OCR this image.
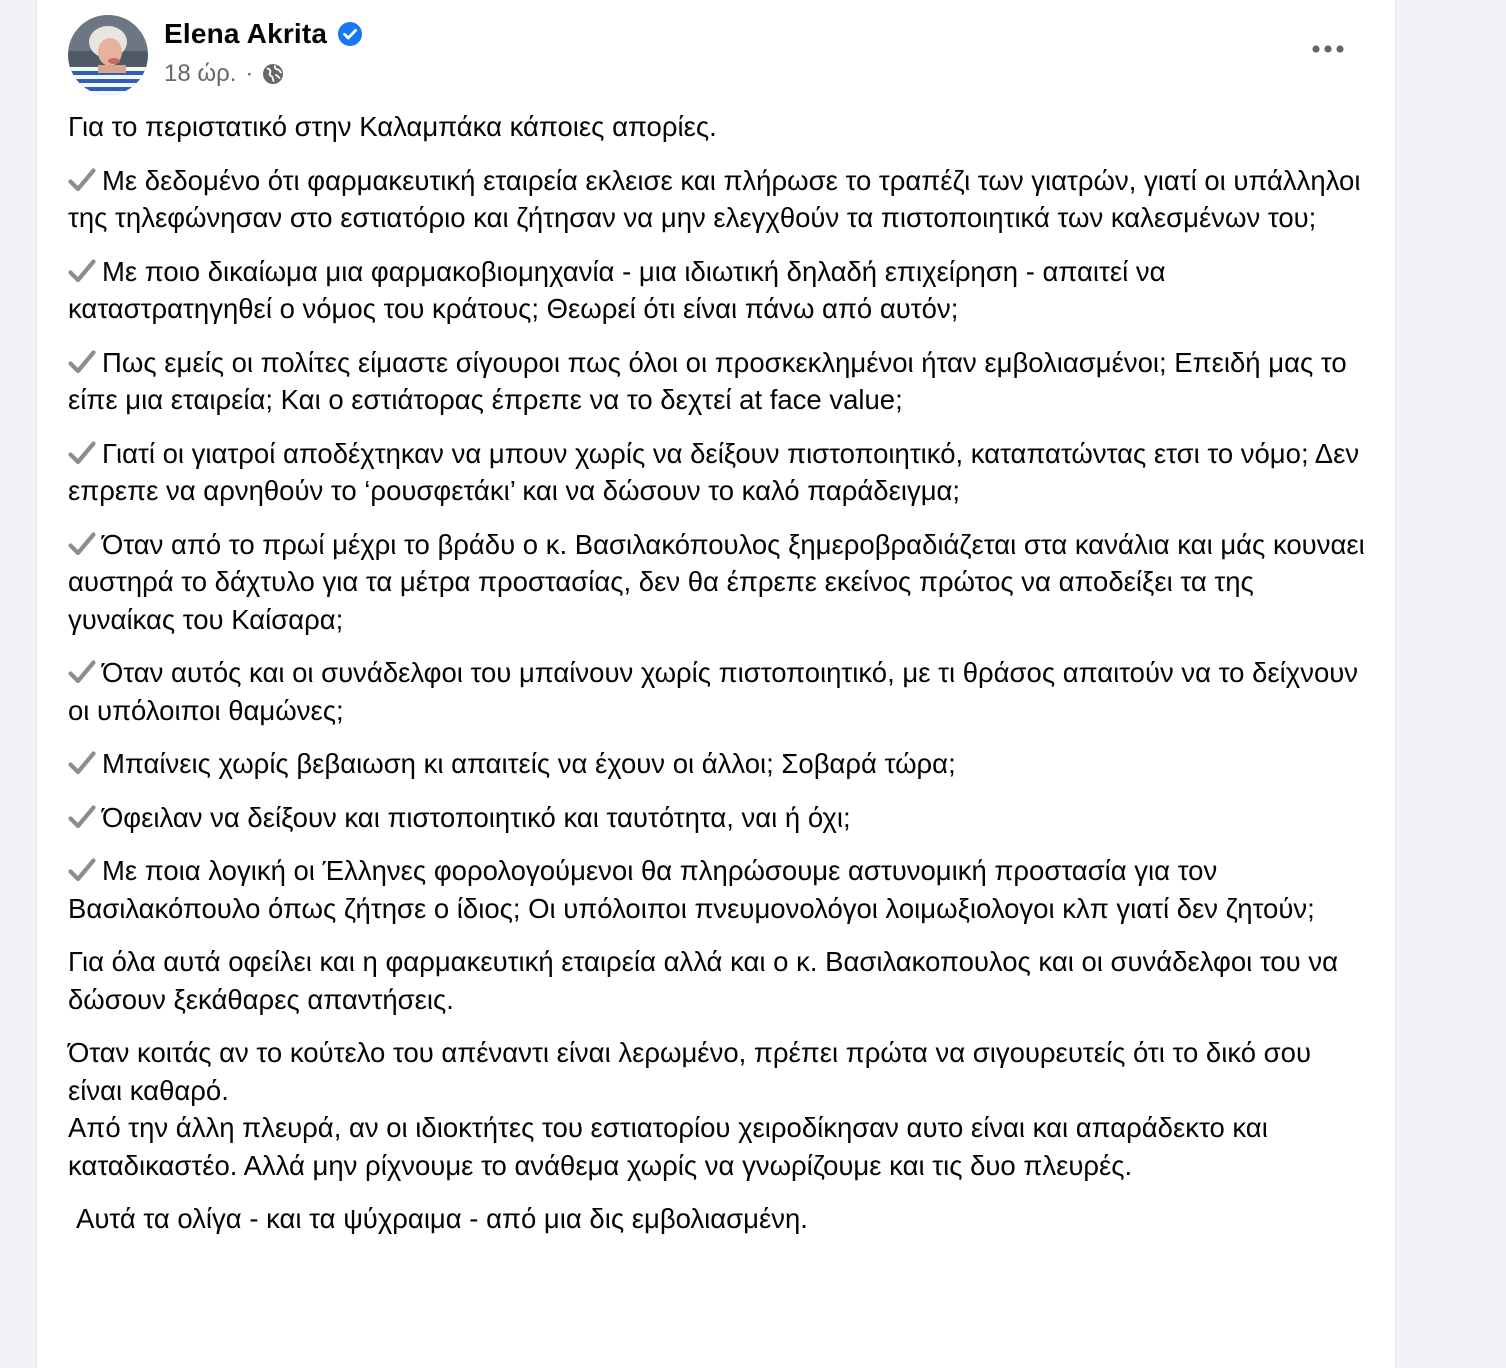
Elena Akrita
18 ώρ. ·
Για το περιστατικό στην Καλαμπάκα κάποιες απορίες.
Με δεδομένο ότι φαρμακευτική εταιρεία εκλεισε και πλήρωσε το τραπέζι των γιατρών, γιατί οι υπάλληλοι της τηλεφώνησαν στο εστιατόριο και ζήτησαν να μην ελεγχθούν τα πιστοποιητικά των καλεσμένων του;
Με ποιο δικαίωμα μια φαρμακοβιομηχανία - μια ιδιωτική δηλαδή επιχείρηση - απαιτεί να καταστρατηγηθεί ο νόμος του κράτους; Θεωρεί ότι είναι πάνω από αυτόν;
Πως εμείς οι πολίτες είμαστε σίγουροι πως όλοι οι προσκεκλημένοι ήταν εμβολιασμένοι; Επειδή μας το είπε μια εταιρεία; Και ο εστιάτορας έπρεπε να το δεχτεί at face value;
Γιατί οι γιατροί αποδέχτηκαν να μπουν χωρίς να δείξουν πιστοποιητικό, καταπατώντας ετσι το νόμο; Δεν επρεπε να αρνηθούν το ‘ρουσφετάκι’ και να δώσουν το καλό παράδειγμα;
Όταν από το πρωί μέχρι το βράδυ ο κ. Βασιλακόπουλος ξημεροβραδιάζεται στα κανάλια και μάς κουναει αυστηρά το δάχτυλο για τα μέτρα προστασίας, δεν θα έπρεπε εκείνος πρώτος να αποδείξει τα της γυναίκας του Καίσαρα;
Όταν αυτός και οι συνάδελφοι του μπαίνουν χωρίς πιστοποιητικό, με τι θράσος απαιτούν να το δείχνουν οι υπόλοιποι θαμώνες;
Μπαίνεις χωρίς βεβαιωση κι απαιτείς να έχουν οι άλλοι; Σοβαρά τώρα;
Όφειλαν να δείξουν και πιστοποιητικό και ταυτότητα, ναι ή όχι;
Με ποια λογική οι Έλληνες φορολογούμενοι θα πληρώσουμε αστυνομική προστασία για τον Βασιλακόπουλο όπως ζήτησε ο ίδιος; Οι υπόλοιποι πνευμονολόγοι λοιμωξιολογοι κλπ γιατί δεν ζητούν;
Για όλα αυτά οφείλει και η φαρμακευτική εταιρεία αλλά και ο κ. Βασιλακοπουλος και οι συνάδελφοι του να δώσουν ξεκάθαρες απαντήσεις.
Όταν κοιτάς αν το κούτελο του απέναντι είναι λερωμένο, πρέπει πρώτα να σιγουρευτείς ότι το δικό σου είναι καθαρό.
Από την άλλη πλευρά, αν οι ιδιοκτήτες του εστιατορίου χειροδίκησαν αυτο είναι και απαράδεκτο και καταδικαστέο. Αλλά μην ρίχνουμε το ανάθεμα χωρίς να γνωρίζουμε και τις δυο πλευρές.
Αυτά τα ολίγα - και τα ψύχραιμα - από μια δις εμβολιασμένη.
